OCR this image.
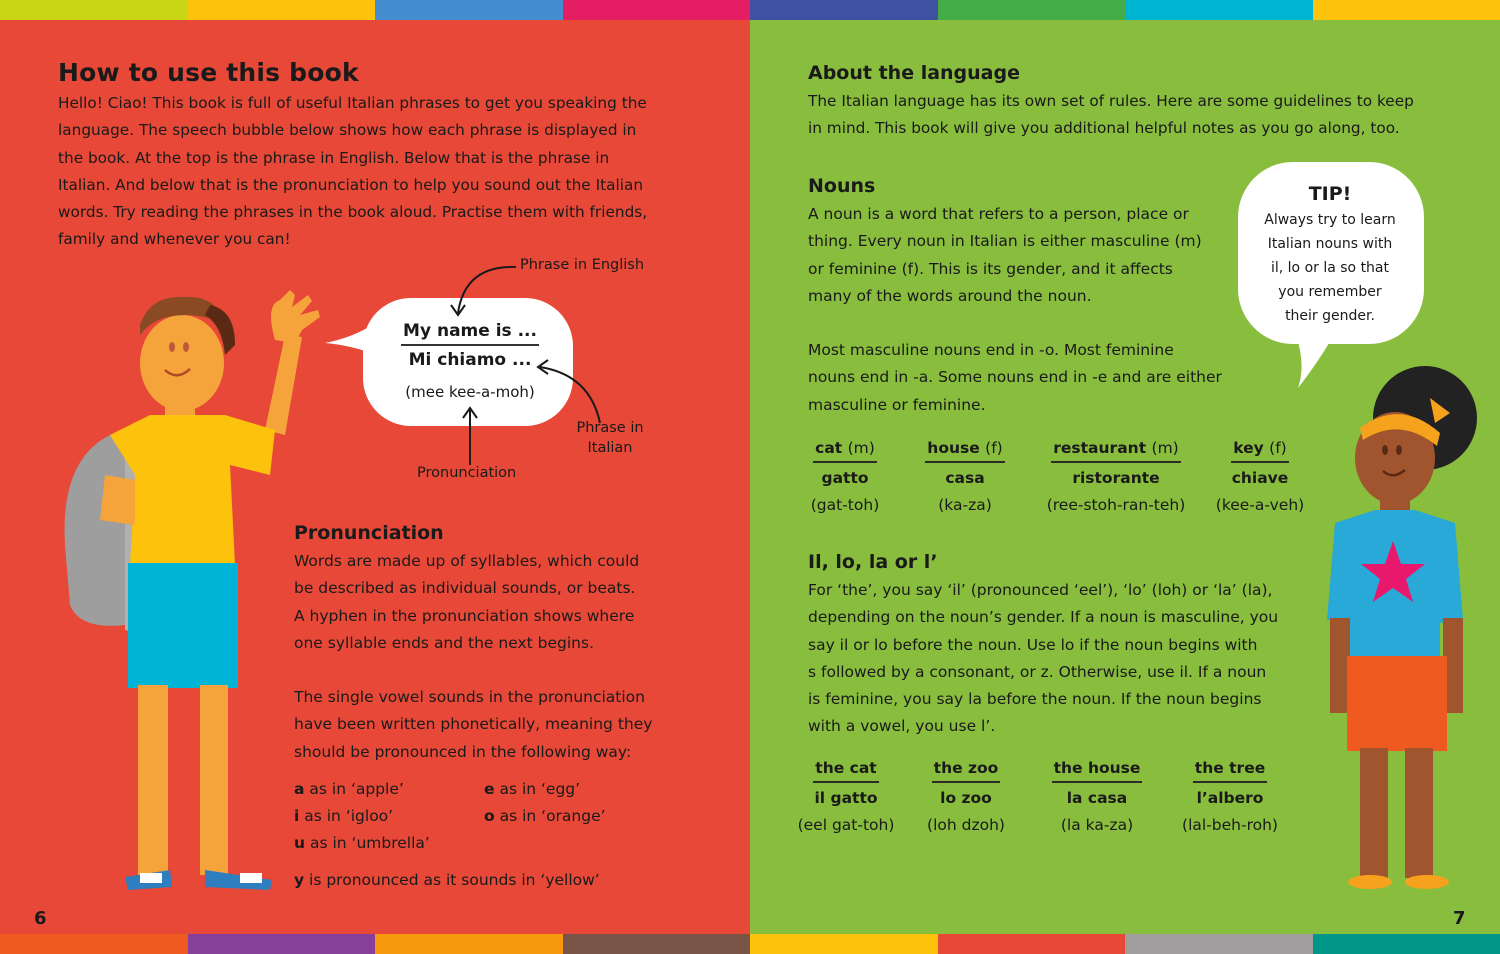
How to use this book
Hello! Ciao! This book is full of useful Italian phrases to get you speaking the
language. The speech bubble below shows how each phrase is displayed in
the book. At the top is the phrase in English. Below that is the phrase in
Italian. And below that is the pronunciation to help you sound out the Italian
words. Try reading the phrases in the book aloud. Practise them with friends,
family and whenever you can!
My name is ...
Mi chiamo ...
(mee kee-a-moh)
Phrase in English
Phrase in
Italian
Pronunciation
Pronunciation
Words are made up of syllables, which could
be described as individual sounds, or beats.
A hyphen in the pronunciation shows where
one syllable ends and the next begins.
The single vowel sounds in the pronunciation
have been written phonetically, meaning they
should be pronounced in the following way:
a as in ‘apple’	e as in ‘egg’
i as in ‘igloo’	o as in ‘orange’
u as in ‘umbrella’
y is pronounced as it sounds in ‘yellow’
6
About the language
The Italian language has its own set of rules. Here are some guidelines to keep
in mind. This book will give you additional helpful notes as you go along, too.
Nouns
A noun is a word that refers to a person, place or
thing. Every noun in Italian is either masculine (m)
or feminine (f). This is its gender, and it affects
many of the words around the noun.
Most masculine nouns end in -o. Most feminine
nouns end in -a. Some nouns end in -e and are either
masculine or feminine.
cat (m)
gatto
(gat-toh)
house (f)
casa
(ka-za)
restaurant (m)
ristorante
(ree-stoh-ran-teh)
key (f)
chiave
(kee-a-veh)
TIP!
Always try to learn
Italian nouns with
il, lo or la so that
you remember
their gender.
Il, lo, la or l’
For ‘the’, you say ‘il’ (pronounced ‘eel’), ‘lo’ (loh) or ‘la’ (la),
depending on the noun’s gender. If a noun is masculine, you
say il or lo before the noun. Use lo if the noun begins with
s followed by a consonant, or z. Otherwise, use il. If a noun
is feminine, you say la before the noun. If the noun begins
with a vowel, you use l’.
the cat
il gatto
(eel gat-toh)
the zoo
lo zoo
(loh dzoh)
the house
la casa
(la ka-za)
the tree
l’albero
(lal-beh-roh)
7
